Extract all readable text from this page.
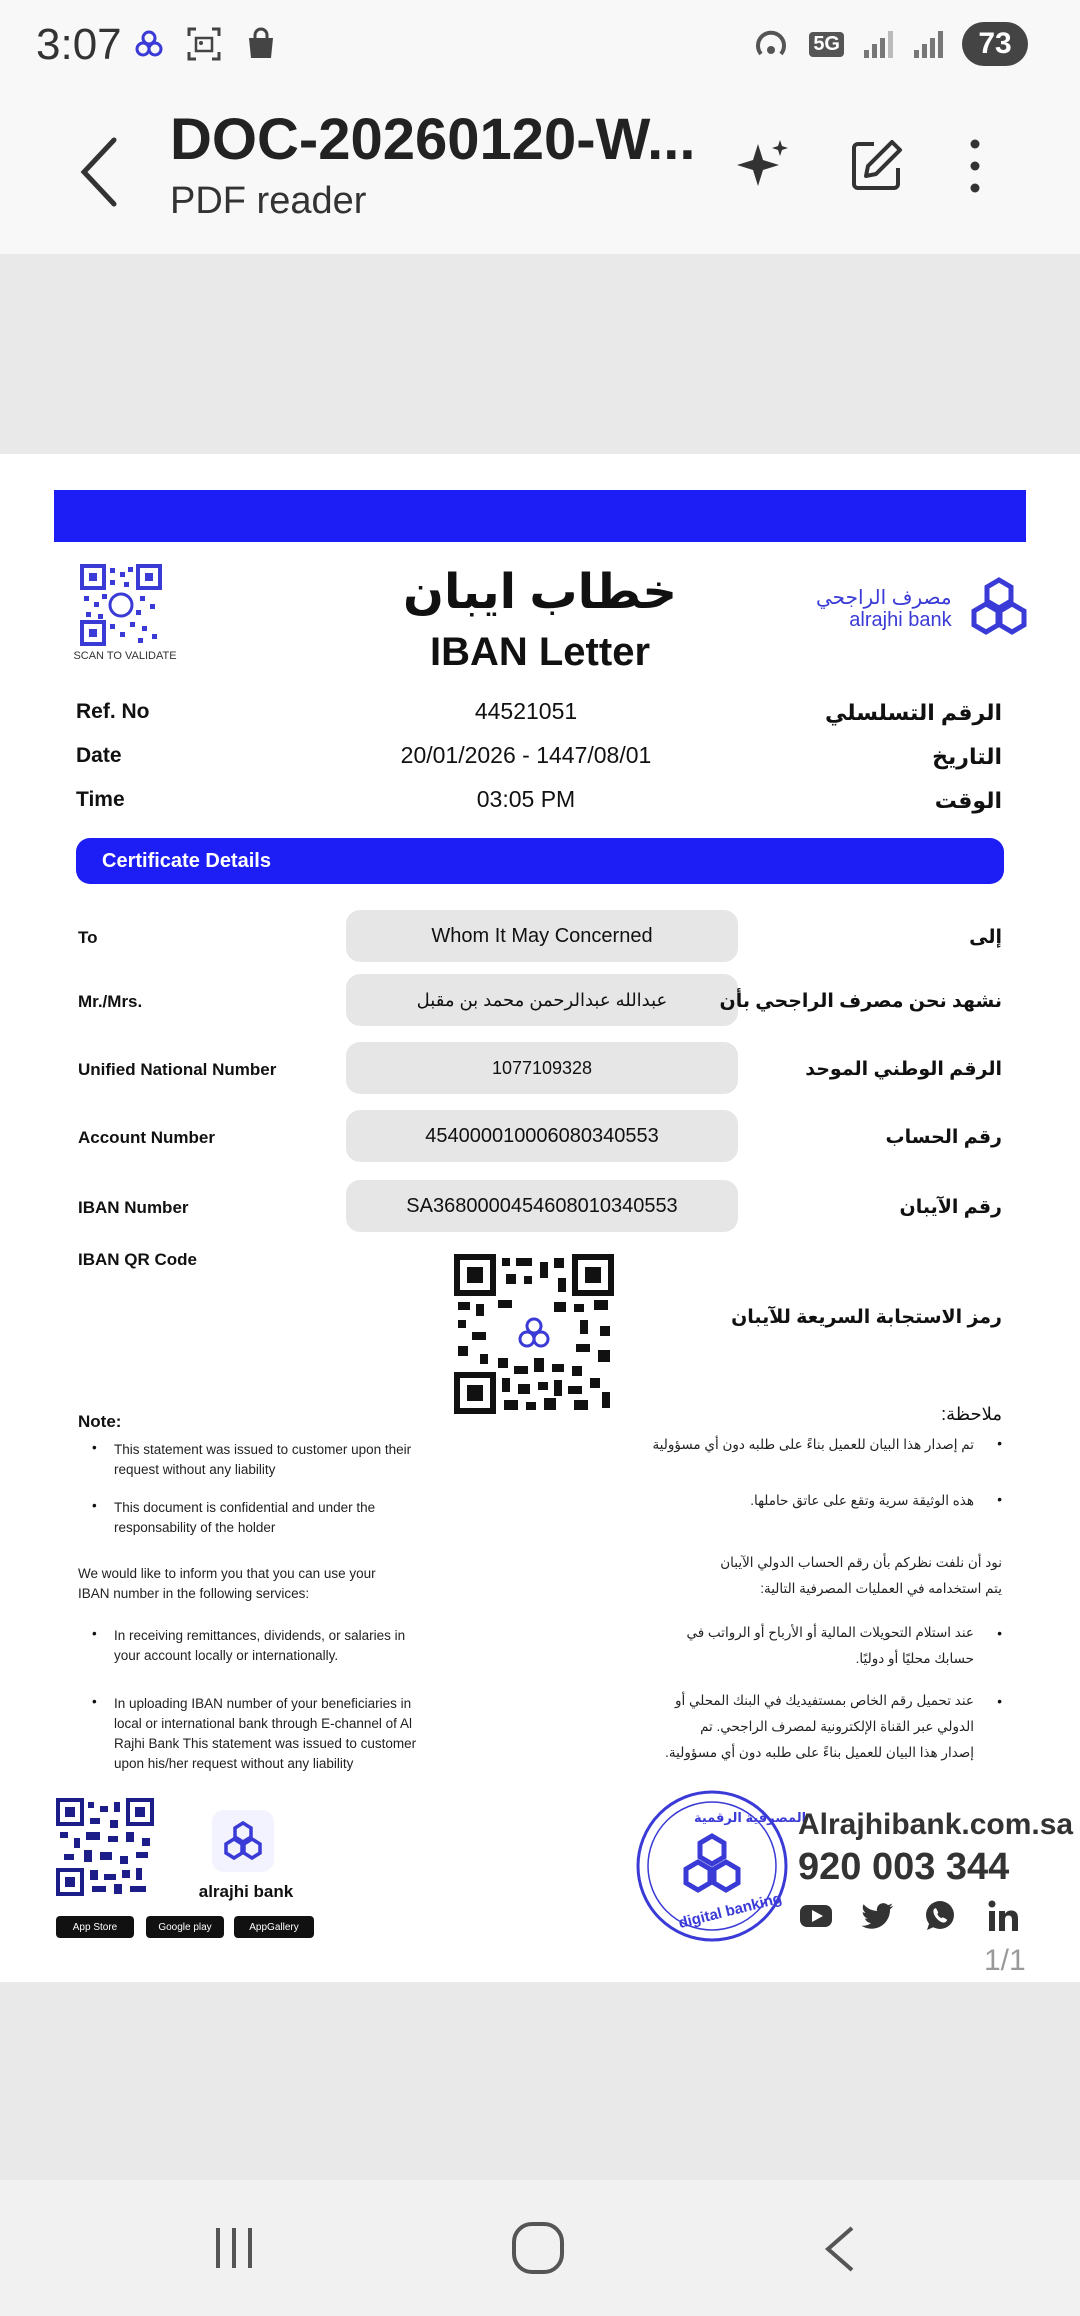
3:07	5G	73
DOC-20260120-W...
PDF reader
SCAN TO VALIDATE
خطاب ايبان
IBAN Letter
مصرف الراجحي
alrajhi bank
Ref. No	44521051	الرقم التسلسلي
Date	20/01/2026 - 1447/08/01	التاريخ
Time	03:05 PM	الوقت
Certificate Details
To	Whom It May Concerned	إلى
Mr./Mrs.	عبدالله عبدالرحمن محمد بن مقبل	نشهد نحن مصرف الراجحي بأن
Unified National Number	1077109328	الرقم الوطني الموحد
Account Number	454000010006080340553	رقم الحساب
IBAN Number	SA3680000454608010340553	رقم الآيبان
IBAN QR Code
رمز الاستجابة السريعة للآيبان
Note:
• This statement was issued to customer upon their request without any liability
• This document is confidential and under the responsability of the holder
We would like to inform you that you can use your IBAN number in the following services:
• In receiving remittances, dividends, or salaries in your account locally or internationally.
• In uploading IBAN number of your beneficiaries in local or international bank through E-channel of Al Rajhi Bank This statement was issued to customer upon his/her request without any liability
ملاحظة:
•
تم إصدار هذا البيان للعميل بناءً على طلبه دون أي مسؤولية
•
هذه الوثيقة سرية وتقع على عاتق حاملها.
نود أن نلفت نظركم بأن رقم الحساب الدولي الآيبان يتم استخدامه في العمليات المصرفية التالية:
•
عند استلام التحويلات المالية أو الأرباح أو الرواتب في حسابك محليًا أو دوليًا.
•
عند تحميل رقم الخاص بمستفيديك في البنك المحلي أو الدولي عبر القناة الإلكترونية لمصرف الراجحي. تم إصدار هذا البيان للعميل بناءً على طلبه دون أي مسؤولية.
alrajhi bank
App Store	Google play	AppGallery
المصرفية الرقمية
digital banking
Alrajhibank.com.sa
920 003 344
1/1
